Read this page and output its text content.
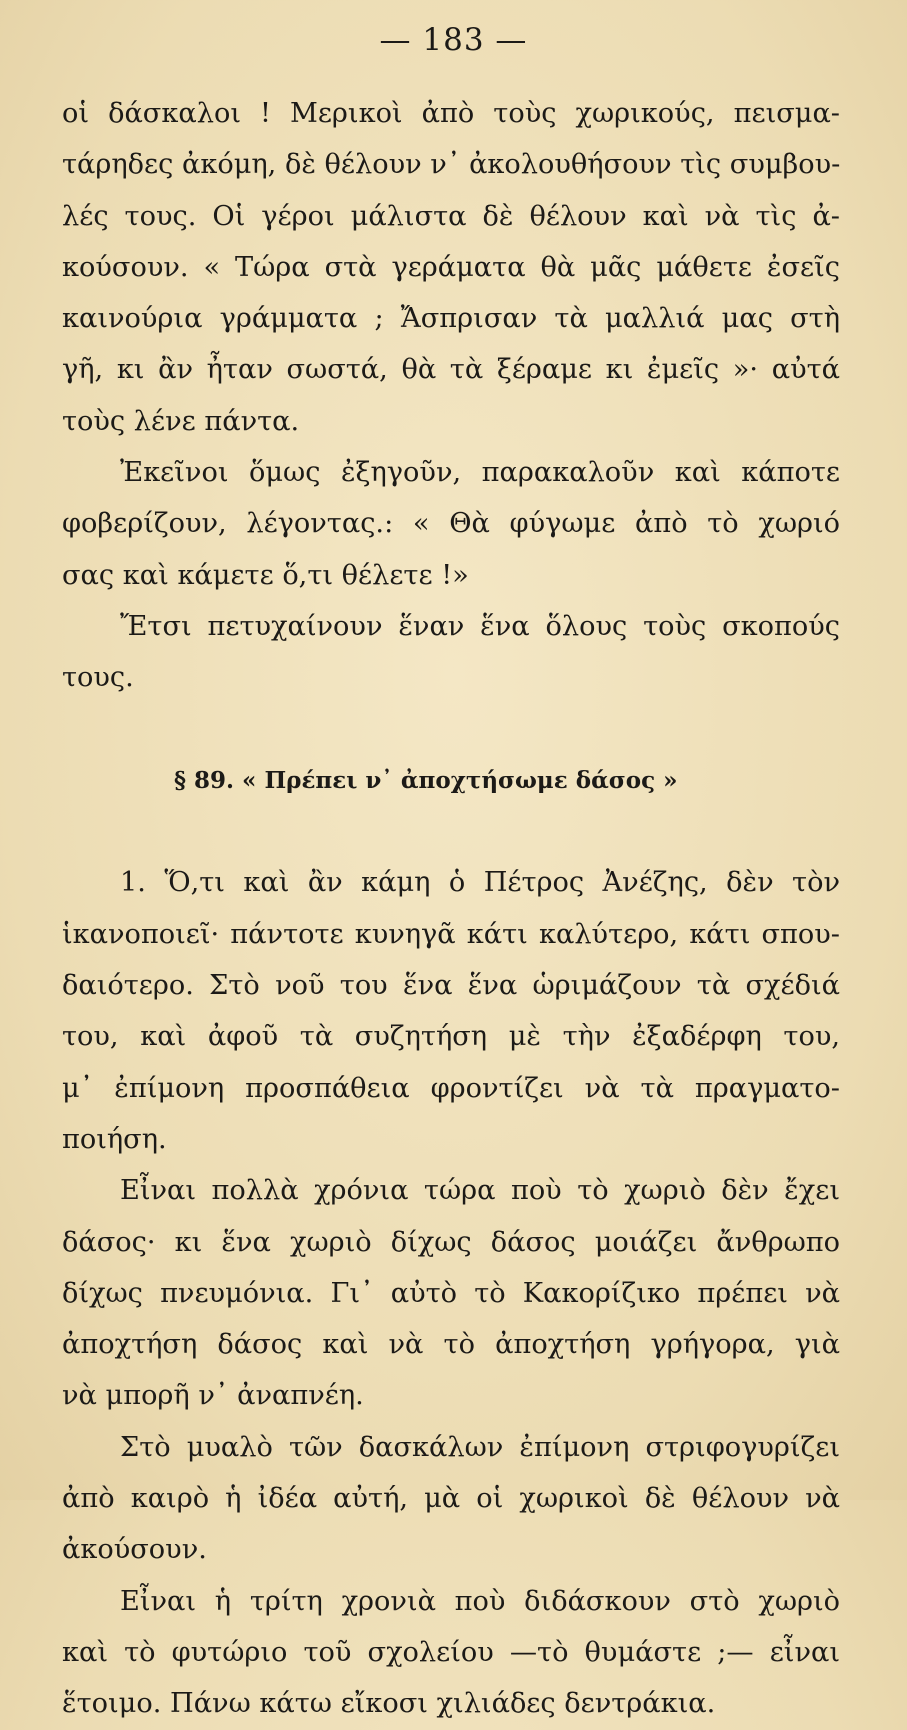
— 183 —
οἱ δάσκαλοι ! Μερικοὶ ἀπὸ τοὺς χωρικούς, πεισμα-
τάρηδες ἀκόμη, δὲ θέλουν ν᾽ ἀκολουθήσουν τὶς συμβου-
λές τους. Οἱ γέροι μάλιστα δὲ θέλουν καὶ νὰ τὶς ἀ-
κούσουν. « Τώρα στὰ γεράματα θὰ μᾶς μάθετε ἐσεῖς
καινούρια γράμματα ; Ἄσπρισαν τὰ μαλλιά μας στὴ
γῆ, κι ἂν ἦταν σωστά, θὰ τὰ ξέραμε κι ἐμεῖς »· αὐτά
τοὺς λένε πάντα.
Ἐκεῖνοι ὅμως ἐξηγοῦν, παρακαλοῦν καὶ κάποτε
φοβερίζουν, λέγοντας.: « Θὰ φύγωμε ἀπὸ τὸ χωριό
σας καὶ κάμετε ὅ,τι θέλετε !»
Ἔτσι πετυχαίνουν ἕναν ἕνα ὅλους τοὺς σκοπούς
τους.
§ 89. « Πρέπει ν᾽ ἀποχτήσωμε δάσος »
1. Ὅ,τι καὶ ἂν κάμη ὁ Πέτρος Ἀνέζης, δὲν τὸν
ἱκανοποιεῖ· πάντοτε κυνηγᾶ κάτι καλύτερο, κάτι σπου-
δαιότερο. Στὸ νοῦ του ἕνα ἕνα ὡριμάζουν τὰ σχέδιά
του, καὶ ἀφοῦ τὰ συζητήση μὲ τὴν ἐξαδέρφη του,
μ᾽ ἐπίμονη προσπάθεια φροντίζει νὰ τὰ πραγματο-
ποιήση.
Εἶναι πολλὰ χρόνια τώρα ποὺ τὸ χωριὸ δὲν ἔχει
δάσος· κι ἕνα χωριὸ δίχως δάσος μοιάζει ἄνθρωπο
δίχως πνευμόνια. Γι᾽ αὐτὸ τὸ Κακορίζικο πρέπει νὰ
ἀποχτήση δάσος καὶ νὰ τὸ ἀποχτήση γρήγορα, γιὰ
νὰ μπορῆ ν᾽ ἀναπνέη.
Στὸ μυαλὸ τῶν δασκάλων ἐπίμονη στριφογυρίζει
ἀπὸ καιρὸ ἡ ἰδέα αὐτή, μὰ οἱ χωρικοὶ δὲ θέλουν νὰ
ἀκούσουν.
Εἶναι ἡ τρίτη χρονιὰ ποὺ διδάσκουν στὸ χωριὸ
καὶ τὸ φυτώριο τοῦ σχολείου —τὸ θυμάστε ;— εἶναι
ἕτοιμο. Πάνω κάτω εἴκοσι χιλιάδες δεντράκια.
